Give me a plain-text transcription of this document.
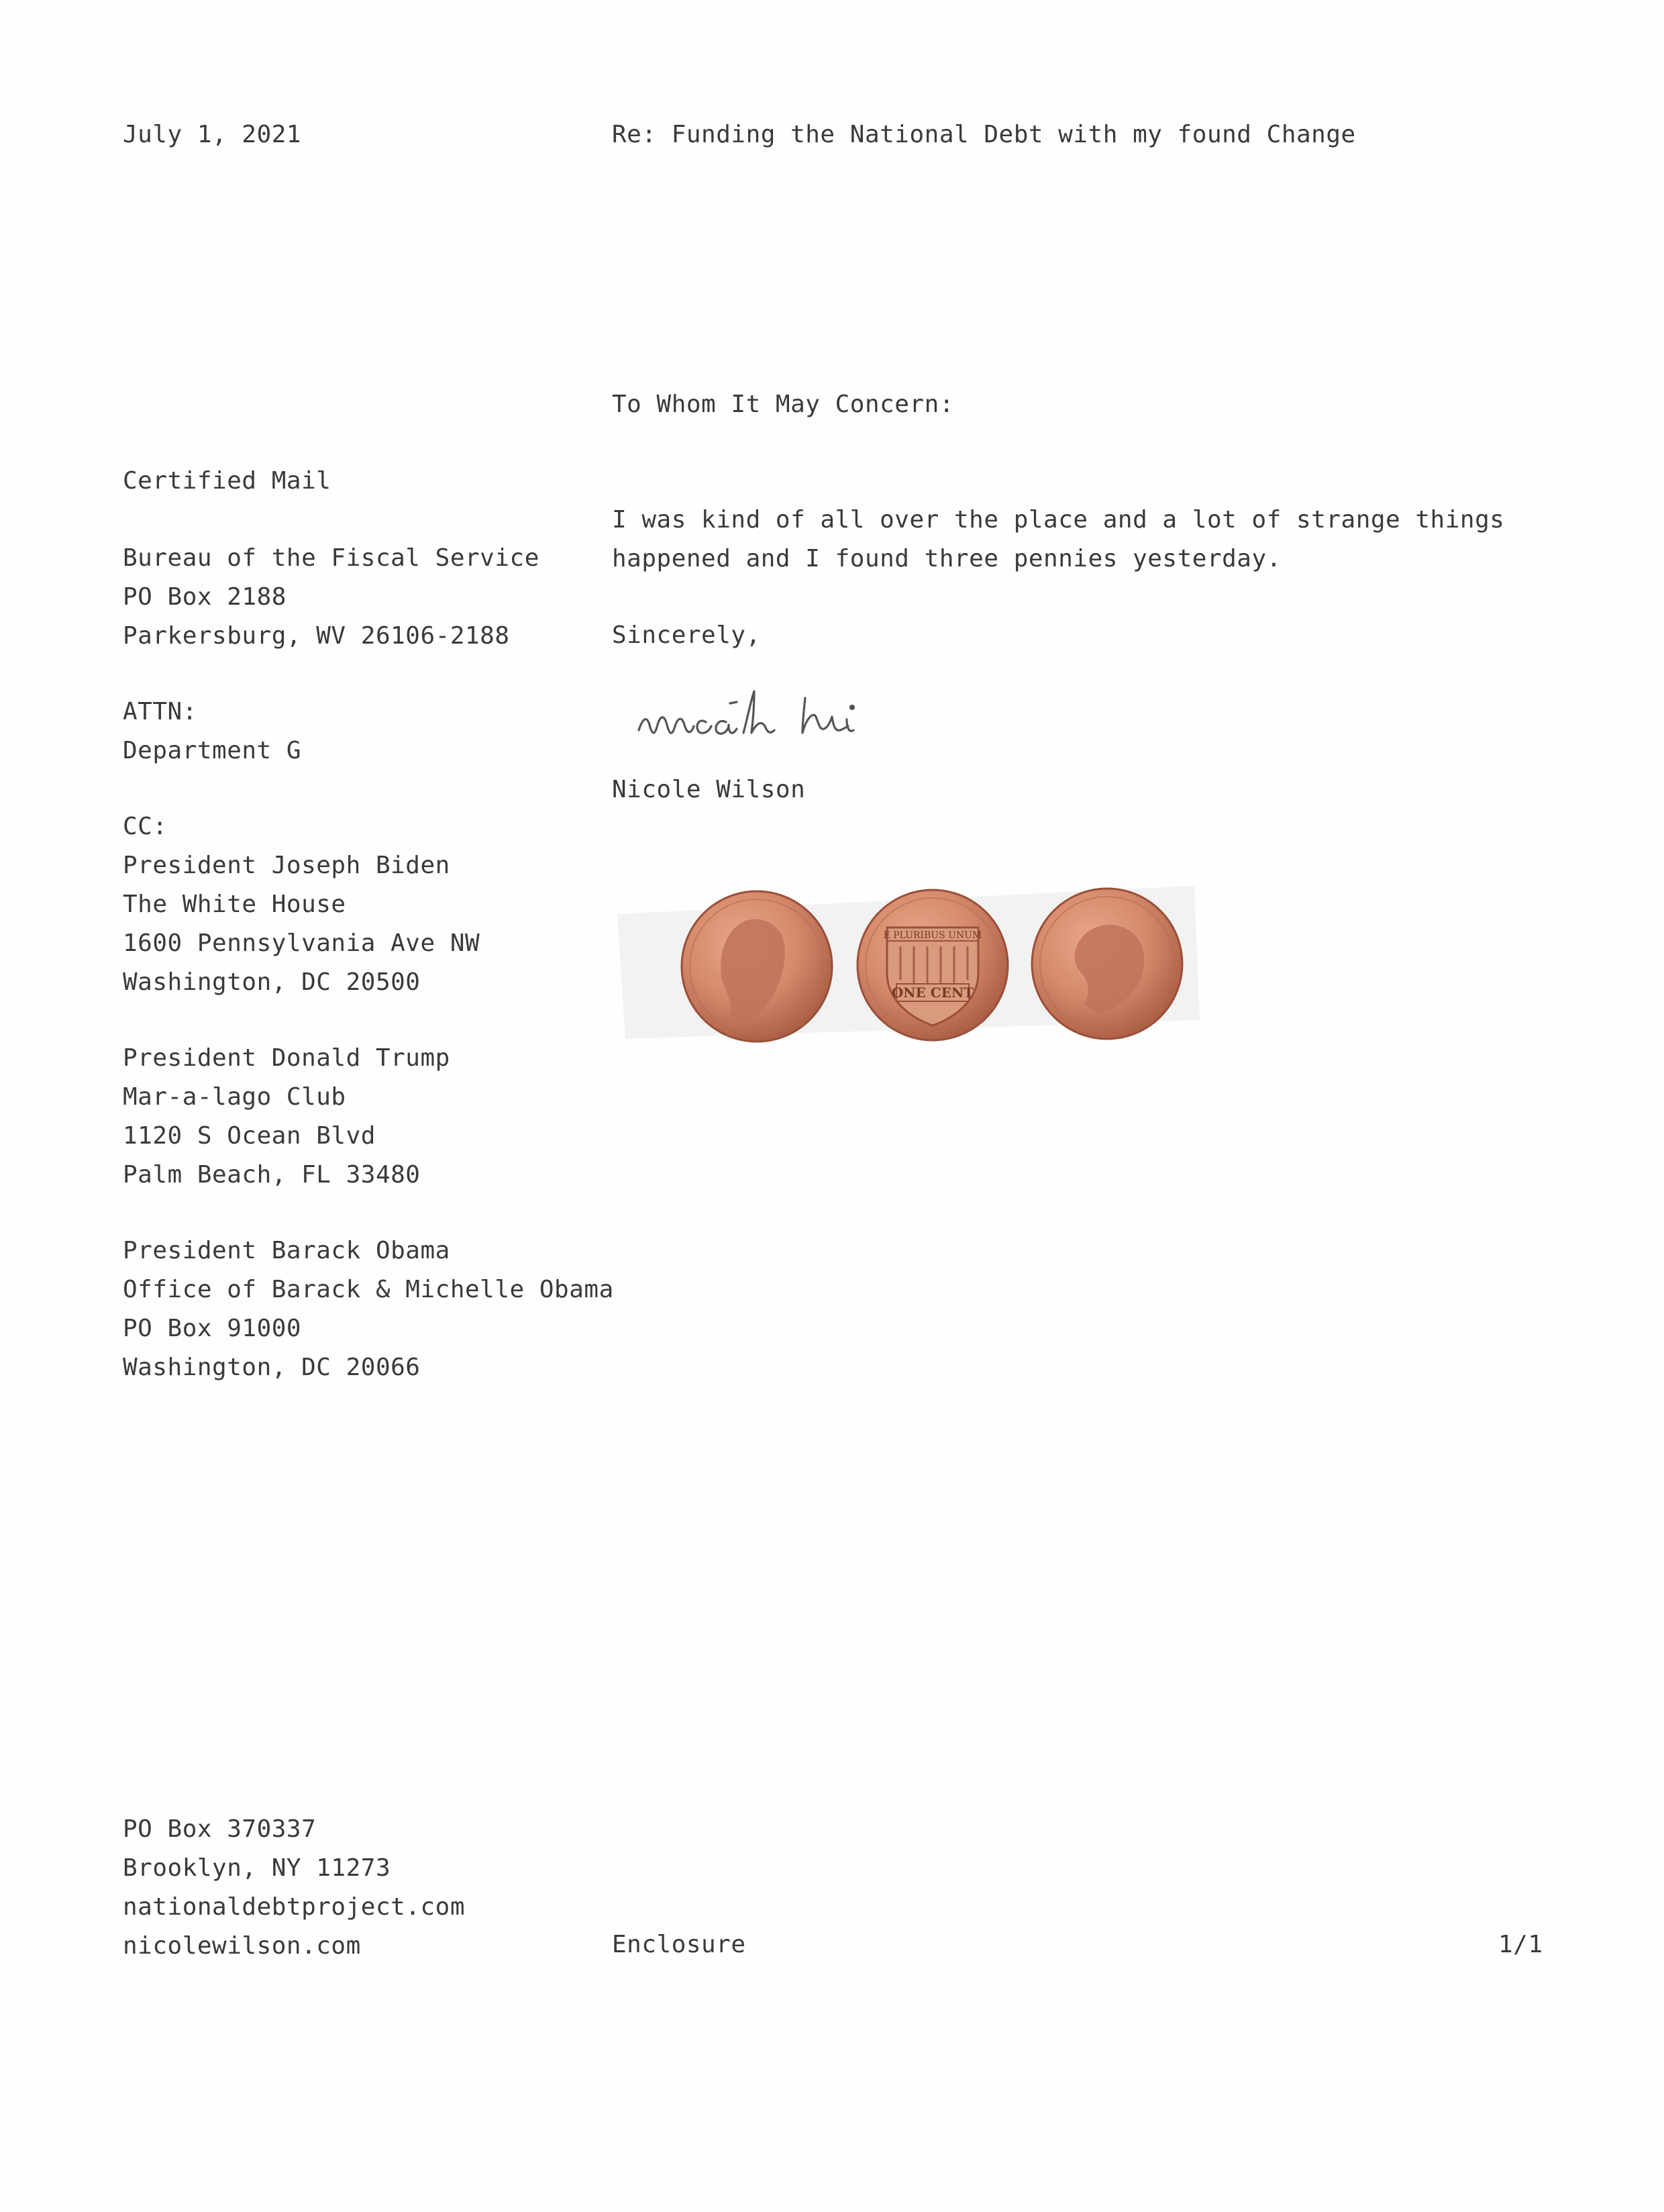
July 1, 2021	Re: Funding the National Debt with my found Change
To Whom It May Concern:
Certified Mail
Bureau of the Fiscal Service
PO Box 2188
Parkersburg, WV 26106-2188
ATTN:
Department G
CC:
President Joseph Biden
The White House
1600 Pennsylvania Ave NW
Washington, DC 20500
President Donald Trump
Mar-a-lago Club
1120 S Ocean Blvd
Palm Beach, FL 33480
President Barack Obama
Office of Barack & Michelle Obama
PO Box 91000
Washington, DC 20066
I was kind of all over the place and a lot of strange things
happened and I found three pennies yesterday.
Sincerely,
Nicole Wilson
E PLURIBUS UNUM
ONE CENT
PO Box 370337
Brooklyn, NY 11273
nationaldebtproject.com
nicolewilson.com	Enclosure	1/1
